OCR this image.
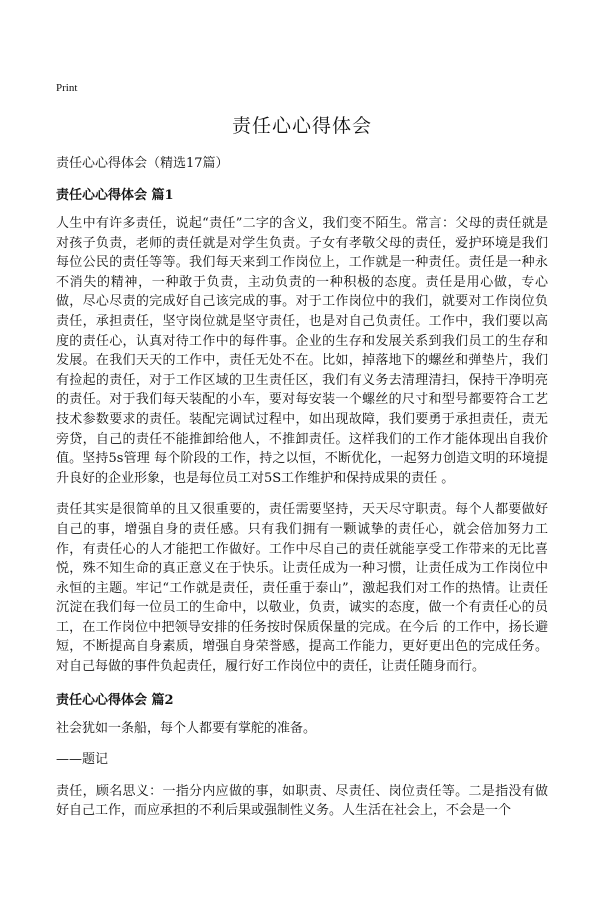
Print
责任心心得体会
责任心心得体会（精选17篇）
责任心心得体会 篇1

人生中有许多责任，说起“责任”二字的含义，我们变不陌生。常言：父母的责任就是对孩子负责，老师的责任就是对学生负责。子女有孝敬父母的责任，爱护环境是我们每位公民的责任等等。我们每天来到工作岗位上，工作就是一种责任。责任是一种永不消失的精神，一种敢于负责，主动负责的一种积极的态度。责任是用心做，专心做，尽心尽责的完成好自己该完成的事。对于工作岗位中的我们，就要对工作岗位负责任，承担责任，坚守岗位就是坚守责任，也是对自己负责任。工作中，我们要以高度的责任心，认真对待工作中的每件事。企业的生存和发展关系到我们员工的生存和发展。在我们天天的工作中，责任无处不在。比如，掉落地下的螺丝和弹垫片，我们有捡起的责任，对于工作区域的卫生责任区，我们有义务去清理清扫，保持干净明亮的责任。对于我们每天装配的小车，要对每安装一个螺丝的尺寸和型号都要符合工艺技术参数要求的责任。装配完调试过程中，如出现故障，我们要勇于承担责任，责无旁贷，自己的责任不能推卸给他人，不推卸责任。这样我们的工作才能体现出自我价值。坚持5s管理 每个阶段的工作，持之以恒，不断优化，一起努力创造文明的环境提升良好的企业形象，也是每位员工对5S工作维护和保持成果的责任 。

责任其实是很简单的且又很重要的，责任需要坚持，天天尽守职责。每个人都要做好自己的事，增强自身的责任感。只有我们拥有一颗诚挚的责任心，就会倍加努力工作，有责任心的人才能把工作做好。工作中尽自己的责任就能享受工作带来的无比喜悦，殊不知生命的真正意义在于快乐。让责任成为一种习惯，让责任成为工作岗位中永恒的主题。牢记“工作就是责任，责任重于泰山”，激起我们对工作的热情。让责任沉淀在我们每一位员工的生命中，以敬业，负责，诚实的态度，做一个有责任心的员工，在工作岗位中把领导安排的任务按时保质保量的完成。在今后 的工作中，扬长避短，不断提高自身素质，增强自身荣誉感，提高工作能力，更好更出色的完成任务。对自己每做的事件负起责任，履行好工作岗位中的责任，让责任随身而行。

责任心心得体会 篇2

社会犹如一条船，每个人都要有掌舵的准备。

——题记

责任，顾名思义：一指分内应做的事，如职责、尽责任、岗位责任等。二是指没有做好自己工作，而应承担的不利后果或强制性义务。人生活在社会上，不会是一个
